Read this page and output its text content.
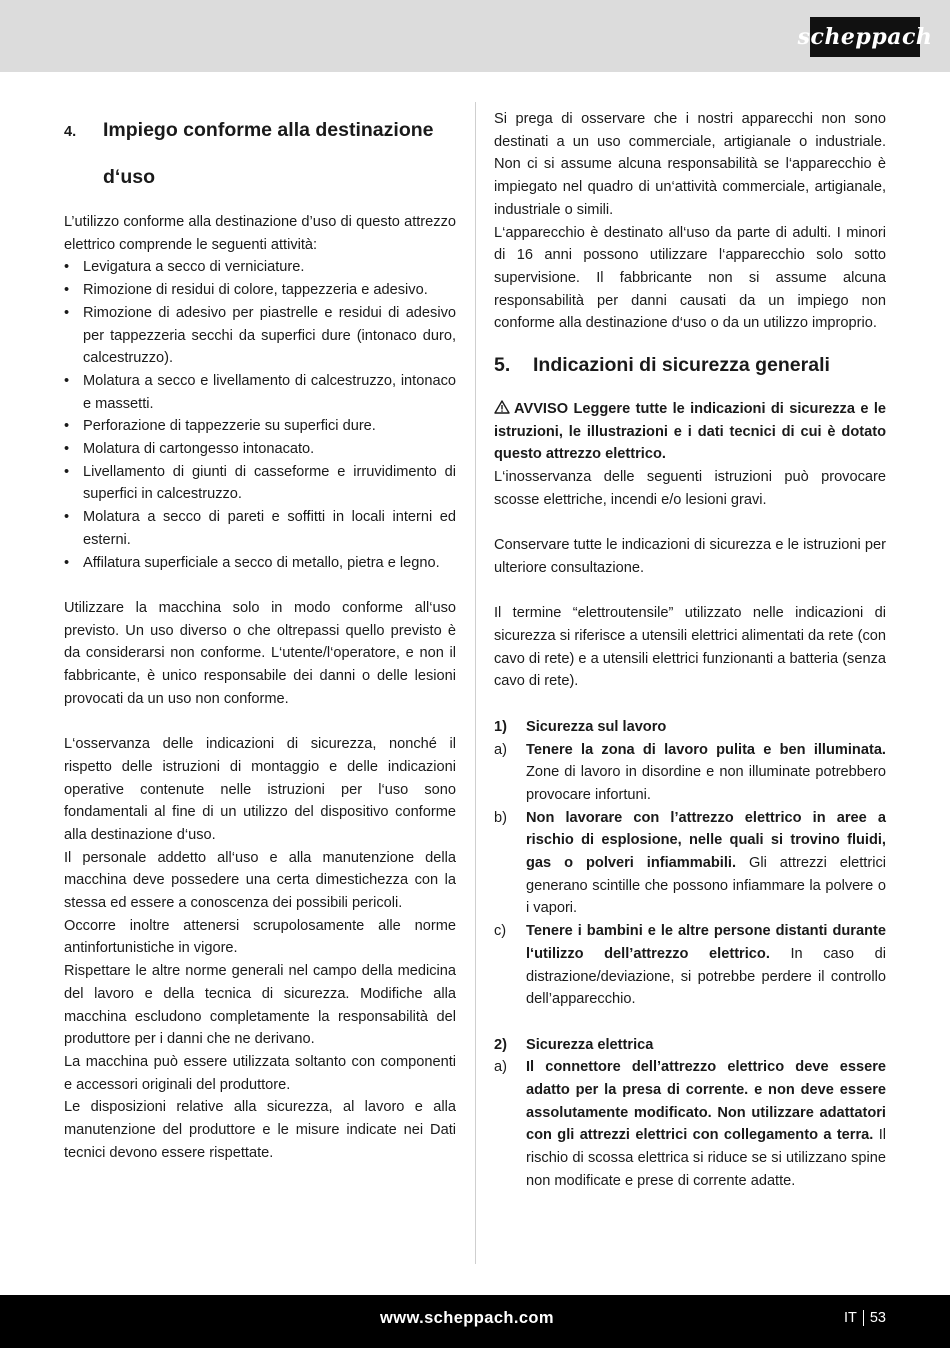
scheppach
4.	Impiego conforme alla destinazione
d‘uso

L’utilizzo conforme alla destinazione d’uso di questo attrezzo elettrico comprende le seguenti attività:

• Levigatura a secco di verniciature.
• Rimozione di residui di colore, tappezzeria e adesivo.
• Rimozione di adesivo per piastrelle e residui di adesivo per tappezzeria secchi da superfici dure (intonaco duro, calcestruzzo).
• Molatura a secco e livellamento di calcestruzzo, intonaco e massetti.
• Perforazione di tappezzerie su superfici dure.
• Molatura di cartongesso intonacato.
• Livellamento di giunti di casseforme e irruvidimento di superfici in calcestruzzo.
• Molatura a secco di pareti e soffitti in locali interni ed esterni.
• Affilatura superficiale a secco di metallo, pietra e legno.

Utilizzare la macchina solo in modo conforme all‘uso previsto. Un uso diverso o che oltrepassi quello previsto è da considerarsi non conforme. L‘utente/l‘operatore, e non il fabbricante, è unico responsabile dei danni o delle lesioni provocati da un uso non conforme.

L‘osservanza delle indicazioni di sicurezza, nonché il rispetto delle istruzioni di montaggio e delle indicazioni operative contenute nelle istruzioni per l‘uso sono fondamentali al fine di un utilizzo del dispositivo conforme alla destinazione d‘uso.

Il personale addetto all‘uso e alla manutenzione della macchina deve possedere una certa dimestichezza con la stessa ed essere a conoscenza dei possibili pericoli.

Occorre inoltre attenersi scrupolosamente alle norme antinfortunistiche in vigore.

Rispettare le altre norme generali nel campo della medicina del lavoro e della tecnica di sicurezza. Modifiche alla macchina escludono completamente la responsabilità del produttore per i danni che ne derivano.

La macchina può essere utilizzata soltanto con componenti e accessori originali del produttore.

Le disposizioni relative alla sicurezza, al lavoro e alla manutenzione del produttore e le misure indicate nei Dati tecnici devono essere rispettate.

Si prega di osservare che i nostri apparecchi non sono destinati a un uso commerciale, artigianale o industriale. Non ci si assume alcuna responsabilità se l‘apparecchio è impiegato nel quadro di un‘attività commerciale, artigianale, industriale o simili.

L‘apparecchio è destinato all‘uso da parte di adulti. I minori di 16 anni possono utilizzare l‘apparecchio solo sotto supervisione. Il fabbricante non si assume alcuna responsabilità per danni causati da un impiego non conforme alla destinazione d‘uso o da un utilizzo improprio.

5.	Indicazioni di sicurezza generali

AVVISO Leggere tutte le indicazioni di sicurezza e le istruzioni, le illustrazioni e i dati tecnici di cui è dotato questo attrezzo elettrico.

L‘inosservanza delle seguenti istruzioni può provocare scosse elettriche, incendi e/o lesioni gravi.

Conservare tutte le indicazioni di sicurezza e le istruzioni per ulteriore consultazione.

Il termine “elettroutensile” utilizzato nelle indicazioni di sicurezza si riferisce a utensili elettrici alimentati da rete (con cavo di rete) e a utensili elettrici funzionanti a batteria (senza cavo di rete).

1)	Sicurezza sul lavoro
a)	Tenere la zona di lavoro pulita e ben illuminata. Zone di lavoro in disordine e non illuminate potrebbero provocare infortuni.
b)	Non lavorare con l’attrezzo elettrico in aree a rischio di esplosione, nelle quali si trovino fluidi, gas o polveri infiammabili. Gli attrezzi elettrici generano scintille che possono infiammare la polvere o i vapori.
c)	Tenere i bambini e le altre persone distanti durante l‘utilizzo dell’attrezzo elettrico. In caso di distrazione/deviazione, si potrebbe perdere il controllo dell’apparecchio.
2)	Sicurezza elettrica
a)	Il connettore dell’attrezzo elettrico deve essere adatto per la presa di corrente. e non deve essere assolutamente modificato. Non utilizzare adattatori con gli attrezzi elettrici con collegamento a terra. Il rischio di scossa elettrica si riduce se si utilizzano spine non modificate e prese di corrente adatte.
www.scheppach.com	IT 53
